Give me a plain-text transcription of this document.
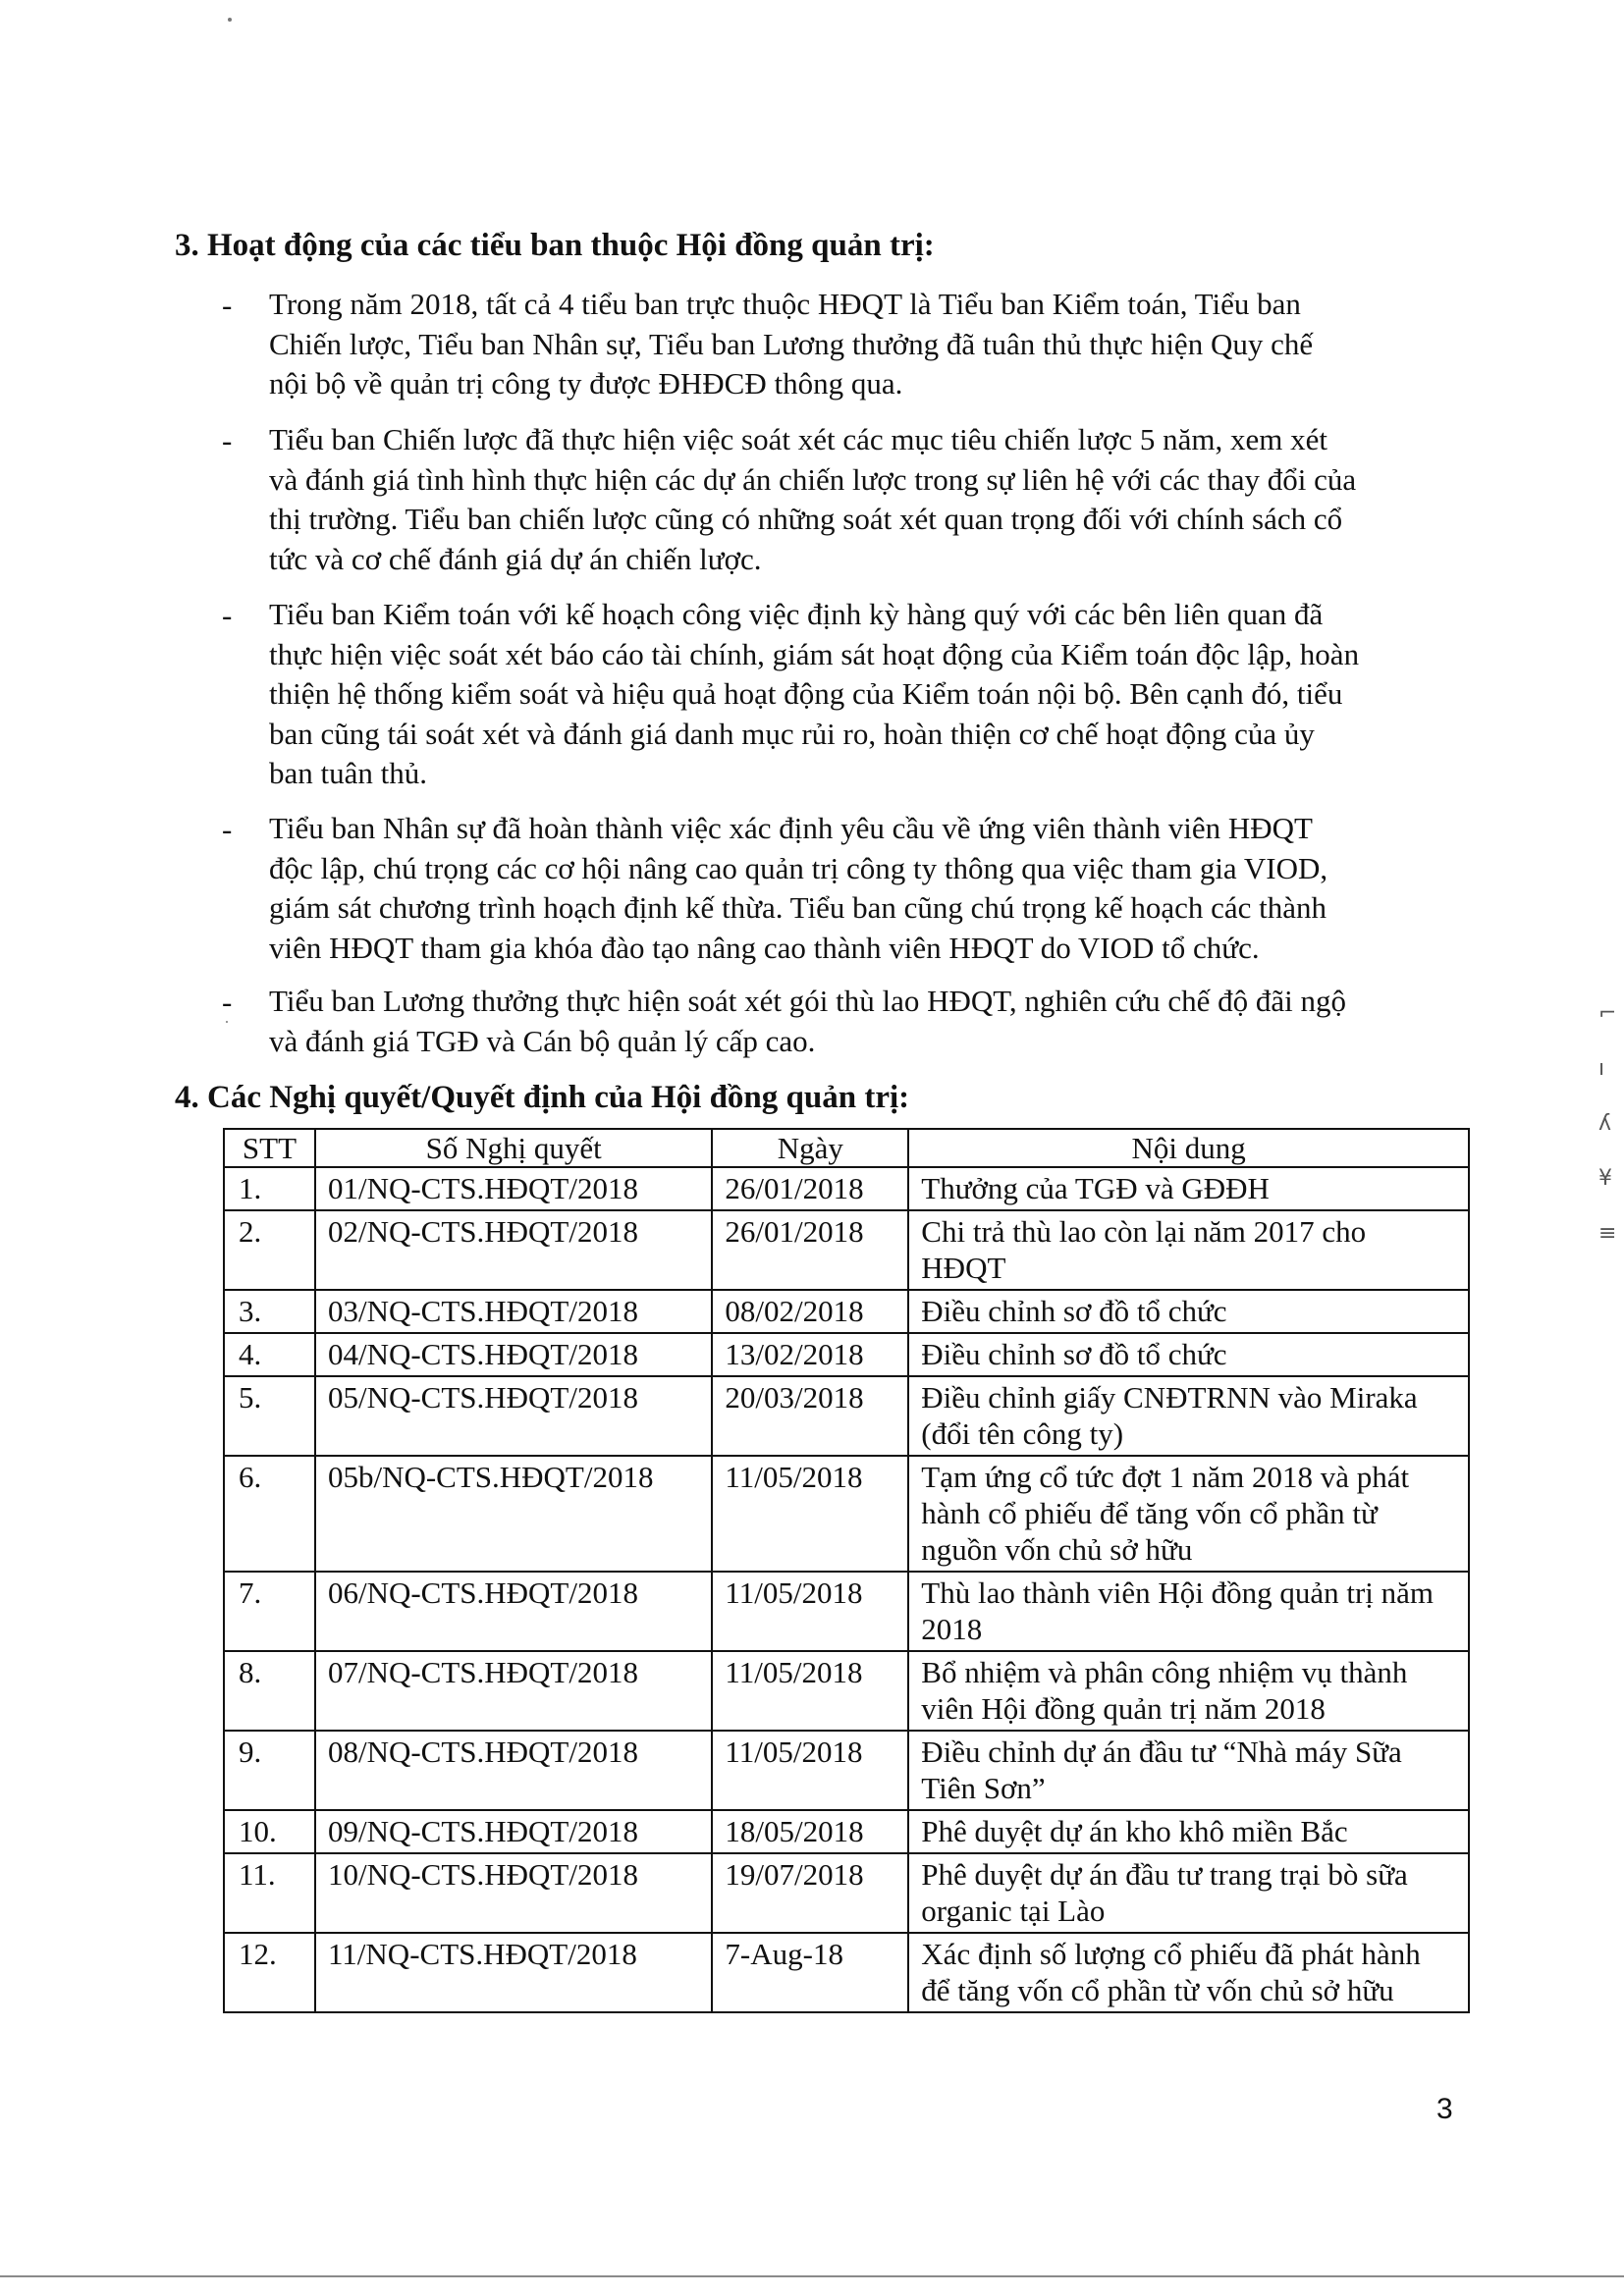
3. Hoạt động của các tiểu ban thuộc Hội đồng quản trị:
- Trong năm 2018, tất cả 4 tiểu ban trực thuộc HĐQT là Tiểu ban Kiểm toán, Tiểu ban
Chiến lược, Tiểu ban Nhân sự, Tiểu ban Lương thưởng đã tuân thủ thực hiện Quy chế
nội bộ về quản trị công ty được ĐHĐCĐ thông qua.
- Tiểu ban Chiến lược đã thực hiện việc soát xét các mục tiêu chiến lược 5 năm, xem xét
và đánh giá tình hình thực hiện các dự án chiến lược trong sự liên hệ với các thay đổi của
thị trường. Tiểu ban chiến lược cũng có những soát xét quan trọng đối với chính sách cổ
tức và cơ chế đánh giá dự án chiến lược.
- Tiểu ban Kiểm toán với kế hoạch công việc định kỳ hàng quý với các bên liên quan đã
thực hiện việc soát xét báo cáo tài chính, giám sát hoạt động của Kiểm toán độc lập, hoàn
thiện hệ thống kiểm soát và hiệu quả hoạt động của Kiểm toán nội bộ. Bên cạnh đó, tiểu
ban cũng tái soát xét và đánh giá danh mục rủi ro, hoàn thiện cơ chế hoạt động của ủy
ban tuân thủ.
- Tiểu ban Nhân sự đã hoàn thành việc xác định yêu cầu về ứng viên thành viên HĐQT
độc lập, chú trọng các cơ hội nâng cao quản trị công ty thông qua việc tham gia VIOD,
giám sát chương trình hoạch định kế thừa. Tiểu ban cũng chú trọng kế hoạch các thành
viên HĐQT tham gia khóa đào tạo nâng cao thành viên HĐQT do VIOD tổ chức.
- Tiểu ban Lương thưởng thực hiện soát xét gói thù lao HĐQT, nghiên cứu chế độ đãi ngộ
và đánh giá TGĐ và Cán bộ quản lý cấp cao.
4. Các Nghị quyết/Quyết định của Hội đồng quản trị:
STT	Số Nghị quyết	Ngày	Nội dung
1.	01/NQ-CTS.HĐQT/2018	26/01/2018	Thưởng của TGĐ và GĐĐH
2.	02/NQ-CTS.HĐQT/2018	26/01/2018	Chi trả thù lao còn lại năm 2017 cho HĐQT
3.	03/NQ-CTS.HĐQT/2018	08/02/2018	Điều chỉnh sơ đồ tổ chức
4.	04/NQ-CTS.HĐQT/2018	13/02/2018	Điều chỉnh sơ đồ tổ chức
5.	05/NQ-CTS.HĐQT/2018	20/03/2018	Điều chỉnh giấy CNĐTRNN vào Miraka (đổi tên công ty)
6.	05b/NQ-CTS.HĐQT/2018	11/05/2018	Tạm ứng cổ tức đợt 1 năm 2018 và phát hành cổ phiếu để tăng vốn cổ phần từ nguồn vốn chủ sở hữu
7.	06/NQ-CTS.HĐQT/2018	11/05/2018	Thù lao thành viên Hội đồng quản trị năm 2018
8.	07/NQ-CTS.HĐQT/2018	11/05/2018	Bổ nhiệm và phân công nhiệm vụ thành viên Hội đồng quản trị năm 2018
9.	08/NQ-CTS.HĐQT/2018	11/05/2018	Điều chỉnh dự án đầu tư “Nhà máy Sữa Tiên Sơn”
10.	09/NQ-CTS.HĐQT/2018	18/05/2018	Phê duyệt dự án kho khô miền Bắc
11.	10/NQ-CTS.HĐQT/2018	19/07/2018	Phê duyệt dự án đầu tư trang trại bò sữa organic tại Lào
12.	11/NQ-CTS.HĐQT/2018	7-Aug-18	Xác định số lượng cổ phiếu đã phát hành để tăng vốn cổ phần từ vốn chủ sở hữu
⌐
ı
ʎ
¥
≡
3
